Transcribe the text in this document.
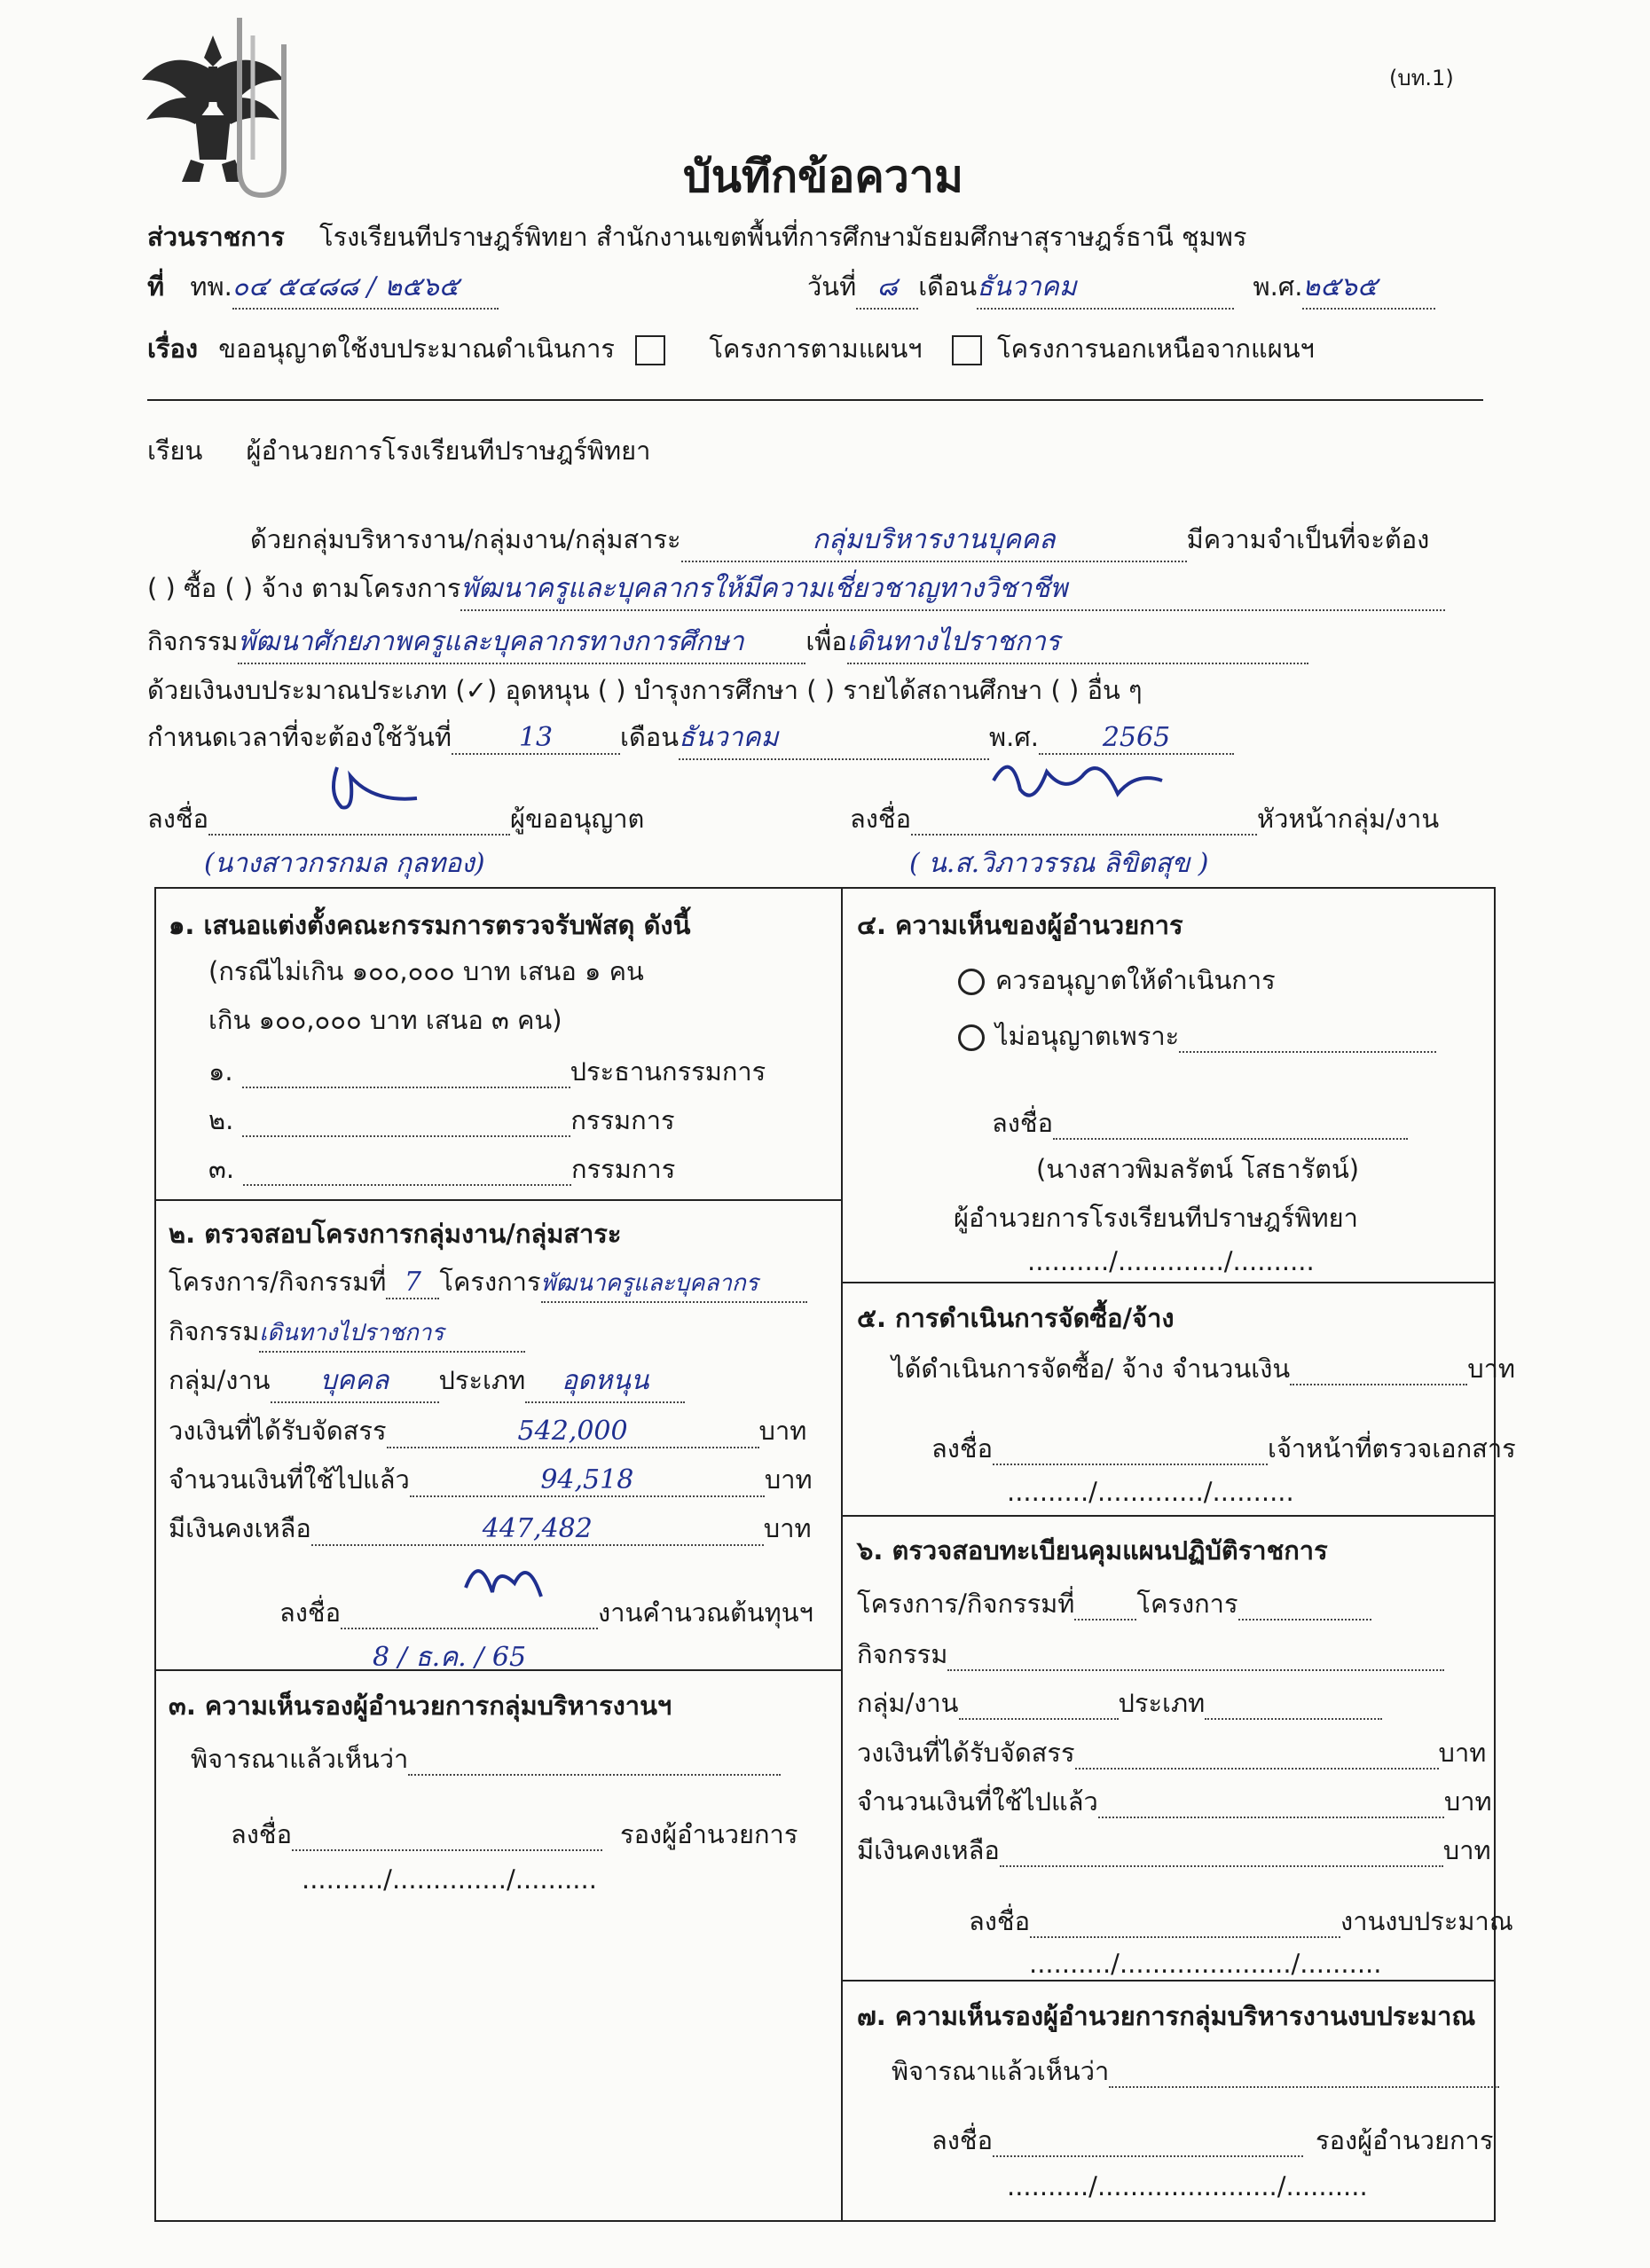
(บท.1)
บันทึกข้อความ
ส่วนราชการ โรงเรียนทีปราษฎร์พิทยา สำนักงานเขตพื้นที่การศึกษามัธยมศึกษาสุราษฎร์ธานี ชุมพร
ที่ ทพ.๐๔ ๕๔๘๘ / ๒๕๖๕	วันที่ ๘ เดือนธันวาคม	พ.ศ.๒๕๖๕
เรื่อง ขออนุญาตใช้งบประมาณดำเนินการ	โครงการตามแผนฯ	โครงการนอกเหนือจากแผนฯ
เรียน ผู้อำนวยการโรงเรียนทีปราษฎร์พิทยา
ด้วยกลุ่มบริหารงาน/กลุ่มงาน/กลุ่มสาระ	กลุ่มบริหารงานบุคคล	มีความจำเป็นที่จะต้อง
( ) ซื้อ ( ) จ้าง ตามโครงการพัฒนาครูและบุคลากรให้มีความเชี่ยวชาญทางวิชาชีพ
กิจกรรมพัฒนาศักยภาพครูและบุคลากรทางการศึกษา เพื่อเดินทางไปราชการ
ด้วยเงินงบประมาณประเภท (✓) อุดหนุน ( ) บำรุงการศึกษา ( ) รายได้สถานศึกษา ( ) อื่น ๆ
กำหนดเวลาที่จะต้องใช้วันที่	13	เดือนธันวาคม	พ.ศ. 2565
ลงชื่อ	ผู้ขออนุญาต
(นางสาวกรกมล กุลทอง)
ลงชื่อ	หัวหน้ากลุ่ม/งาน
( น.ส.วิภาวรรณ ลิขิตสุข )
๑. เสนอแต่งตั้งคณะกรรมการตรวจรับพัสดุ ดังนี้
(กรณีไม่เกิน ๑๐๐,๐๐๐ บาท เสนอ ๑ คน
เกิน ๑๐๐,๐๐๐ บาท เสนอ ๓ คน)
๑.	ประธานกรรมการ
๒.	กรรมการ
๓.	กรรมการ
๒. ตรวจสอบโครงการกลุ่มงาน/กลุ่มสาระ
โครงการ/กิจกรรมที่ 7 โครงการพัฒนาครูและบุคลากร
กิจกรรมเดินทางไปราชการ
กลุ่ม/งาน บุคคล ประเภท อุดหนุน
วงเงินที่ได้รับจัดสรร	542,000	บาท
จำนวนเงินที่ใช้ไปแล้ว	94,518	บาท
มีเงินคงเหลือ	447,482	บาท
ลงชื่อ	งานคำนวณต้นทุนฯ
8 / ธ.ค. / 65
๓. ความเห็นรองผู้อำนวยการกลุ่มบริหารงานฯ
พิจารณาแล้วเห็นว่า
ลงชื่อ	รองผู้อำนวยการ
........../............../..........
๔. ความเห็นของผู้อำนวยการ
ควรอนุญาตให้ดำเนินการ
ไม่อนุญาตเพราะ
ลงชื่อ
(นางสาวพิมลรัตน์ โสธารัตน์)
ผู้อำนวยการโรงเรียนทีปราษฎร์พิทยา
........../............./..........
๕. การดำเนินการจัดซื้อ/จ้าง
ได้ดำเนินการจัดซื้อ/ จ้าง จำนวนเงิน	บาท
ลงชื่อ	เจ้าหน้าที่ตรวจเอกสาร
........../............./..........
๖. ตรวจสอบทะเบียนคุมแผนปฏิบัติราชการ
โครงการ/กิจกรรมที่ โครงการ
กิจกรรม
กลุ่ม/งาน	ประเภท
วงเงินที่ได้รับจัดสรร	บาท
จำนวนเงินที่ใช้ไปแล้ว	บาท
มีเงินคงเหลือ	บาท
ลงชื่อ	งานงบประมาณ
........../...................../..........
๗. ความเห็นรองผู้อำนวยการกลุ่มบริหารงานงบประมาณ
พิจารณาแล้วเห็นว่า
ลงชื่อ	รองผู้อำนวยการ
........../....................../..........
